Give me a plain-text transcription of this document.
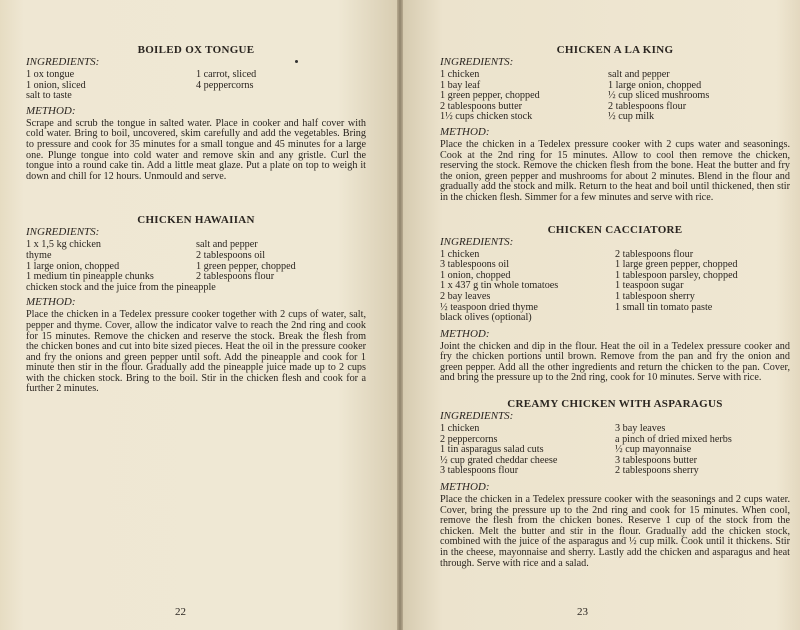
BOILED OX TONGUE
INGREDIENTS:
1 ox tongue
1 onion, sliced
salt to taste
1 carrot, sliced
4 peppercorns
METHOD:

Scrape and scrub the tongue in salted water. Place in cooker and half cover with cold water. Bring to boil, uncovered, skim carefully and add the vegetables. Bring to pressure and cook for 35 minutes for a small tongue and 45 minutes for a large one. Plunge tongue into cold water and remove skin and any gristle. Curl the tongue into a round cake tin. Add a little meat glaze. Put a plate on top to weigh it down and chill for 12 hours. Unmould and serve.

CHICKEN HAWAIIAN
INGREDIENTS:
1 x 1,5 kg chicken
thyme
1 large onion, chopped
1 medium tin pineapple chunks
salt and pepper
2 tablespoons oil
1 green pepper, chopped
2 tablespoons flour
chicken stock and the juice from the pineapple
METHOD:

Place the chicken in a Tedelex pressure cooker together with 2 cups of water, salt, pepper and thyme. Cover, allow the indicator valve to reach the 2nd ring and cook for 15 minutes. Remove the chicken and reserve the stock. Break the flesh from the chicken bones and cut into bite sized pieces. Heat the oil in the pressure cooker and fry the onions and green pepper until soft. Add the pineapple and cook for 1 minute then stir in the flour. Gradually add the pineapple juice made up to 2 cups with the chicken stock. Bring to the boil. Stir in the chicken flesh and cook for a further 2 minutes.

22
CHICKEN A LA KING
INGREDIENTS:
1 chicken
1 bay leaf
1 green pepper, chopped
2 tablespoons butter
1½ cups chicken stock
salt and pepper
1 large onion, chopped
½ cup sliced mushrooms
2 tablespoons flour
½ cup milk
METHOD:

Place the chicken in a Tedelex pressure cooker with 2 cups water and seasonings. Cook at the 2nd ring for 15 minutes. Allow to cool then remove the chicken, reserving the stock. Remove the chicken flesh from the bone. Heat the butter and fry the onion, green pepper and mushrooms for about 2 minutes. Blend in the flour and gradually add the stock and milk. Return to the heat and boil until thickened, then stir in the chicken flesh. Simmer for a few minutes and serve with rice.

CHICKEN CACCIATORE
INGREDIENTS:
1 chicken
3 tablespoons oil
1 onion, chopped
1 x 437 g tin whole tomatoes
2 bay leaves
½ teaspoon dried thyme
black olives (optional)
2 tablespoons flour
1 large green pepper, chopped
1 tablespoon parsley, chopped
1 teaspoon sugar
1 tablespoon sherry
1 small tin tomato paste
METHOD:

Joint the chicken and dip in the flour. Heat the oil in a Tedelex pressure cooker and fry the chicken portions until brown. Remove from the pan and fry the onion and green pepper. Add all the other ingredients and return the chicken to the pan. Cover, and bring the pressure up to the 2nd ring, cook for 10 minutes. Serve with rice.

CREAMY CHICKEN WITH ASPARAGUS
INGREDIENTS:
1 chicken
2 peppercorns
1 tin asparagus salad cuts
½ cup grated cheddar cheese
3 tablespoons flour
3 bay leaves
a pinch of dried mixed herbs
½ cup mayonnaise
3 tablespoons butter
2 tablespoons sherry
METHOD:

Place the chicken in a Tedelex pressure cooker with the seasonings and 2 cups water. Cover, bring the pressure up to the 2nd ring and cook for 15 minutes. When cool, remove the flesh from the chicken bones. Reserve 1 cup of the stock from the chicken. Melt the butter and stir in the flour. Gradually add the chicken stock, combined with the juice of the asparagus and ½ cup milk. Cook until it thickens. Stir in the cheese, mayonnaise and sherry. Lastly add the chicken and asparagus and heat through. Serve with rice and a salad.

23
